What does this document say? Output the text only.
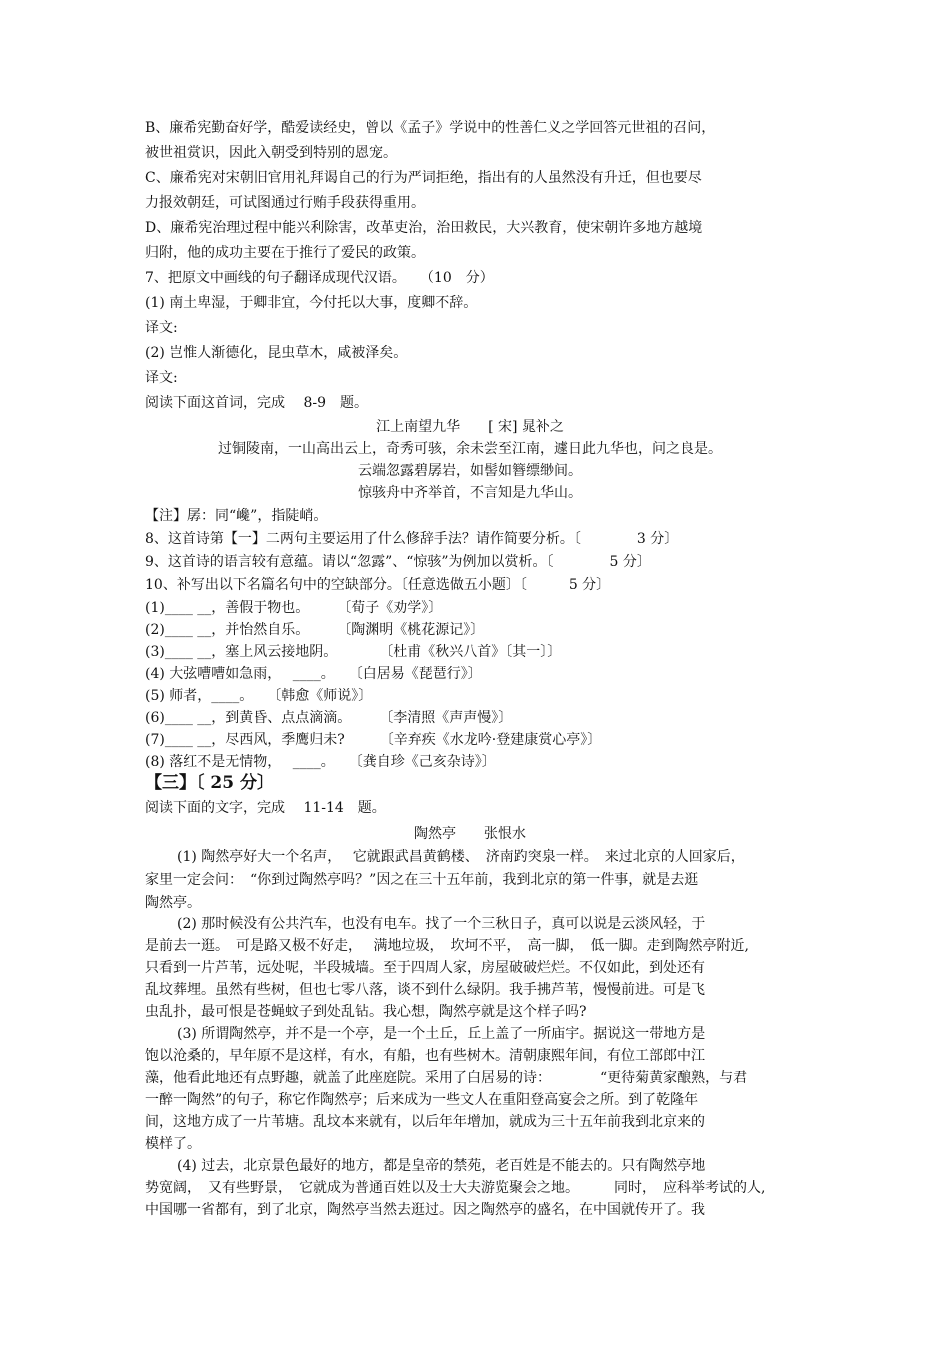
B、廉希宪勤奋好学，酷爱读经史，曾以《孟子》学说中的性善仁义之学回答元世祖的召问，
被世祖赏识，因此入朝受到特别的恩宠。
C、廉希宪对宋朝旧官用礼拜谒自己的行为严词拒绝，指出有的人虽然没有升迁，但也要尽
力报效朝廷，可试图通过行贿手段获得重用。
D、廉希宪治理过程中能兴利除害，改革吏治，治田救民，大兴教育，使宋朝许多地方越境
归附，他的成功主要在于推行了爱民的政策。
7、把原文中画线的句子翻译成现代汉语。　　（10　分）
(1) 南土卑湿，于卿非宜，今付托以大事，度卿不辞。
译文:
(2) 岂惟人渐德化，昆虫草木，咸被泽矣。
译文:
阅读下面这首词，完成　 8-9　题。
江上南望九华　　[ 宋] 晁补之
过铜陵南，一山高出云上，奇秀可骇，余未尝至江南，遽日此九华也，问之良是。
云端忽露碧孱岩，如髻如簪缥缈间。
惊骇舟中齐举首，不言知是九华山。
【注】孱：同“巉”，指陡峭。
8、这首诗第【一】二两句主要运用了什么修辞手法？请作简要分析。〔　　　　3 分〕
9、这首诗的语言较有意蕴。请以“忽露”、“惊骇”为例加以赏析。〔　　　　5 分〕
10、补写出以下名篇名句中的空缺部分。〔任意选做五小题〕〔　　　5 分〕
(1)____ __，善假于物也。　　　〔荀子《劝学》〕
(2)____ __，并怡然自乐。　　　〔陶渊明《桃花源记》〕
(3)____ __，塞上风云接地阴。　　　　〔杜甫《秋兴八首》〔其一〕〕
(4) 大弦嘈嘈如急雨，　 ____。　　〔白居易《琵琶行》〕
(5) 师者，____。　　〔韩愈《师说》〕
(6)____ __，到黄昏、点点滴滴。　　　〔李清照《声声慢》〕
(7)____ __，尽西风，季鹰归未?　　　〔辛弃疾《水龙吟·登建康赏心亭》〕
(8) 落红不是无情物，　 ____。　　〔龚自珍《己亥杂诗》〕
【三】〔 25 分〕
阅读下面的文字，完成　 11-14　题。
陶然亭　　张恨水
(1) 陶然亭好大一个名声，　 它就跟武昌黄鹤楼、　济南趵突泉一样。　来过北京的人回家后，
家里一定会问：　“你到过陶然亭吗？”因之在三十五年前，我到北京的第一件事，就是去逛
陶然亭。
(2) 那时候没有公共汽车，也没有电车。找了一个三秋日子，真可以说是云淡风轻，于
是前去一逛。　可是路又极不好走，　 满地垃圾，　坎坷不平，　高一脚，　低一脚。走到陶然亭附近,
只看到一片芦苇，远处呢，半段城墙。至于四周人家，房屋破破烂烂。不仅如此，到处还有
乱坟葬埋。虽然有些树，但也七零八落，谈不到什么绿阴。我手拂芦苇，慢慢前进。可是飞
虫乱扑，最可恨是苍蝇蚊子到处乱钻。我心想，陶然亭就是这个样子吗?
(3) 所谓陶然亭，并不是一个亭，是一个土丘，丘上盖了一所庙宇。据说这一带地方是
饱以沧桑的，早年原不是这样，有水，有船，也有些树木。清朝康熙年间，有位工部郎中江
藻，他看此地还有点野趣，就盖了此座庭院。采用了白居易的诗：　　　　“更待菊黄家酿熟，与君
一醉一陶然”的句子，称它作陶然亭；后来成为一些文人在重阳登高宴会之所。到了乾隆年
间，这地方成了一片苇塘。乱坟本来就有，以后年年增加，就成为三十五年前我到北京来的
模样了。
(4) 过去，北京景色最好的地方，都是皇帝的禁苑，老百姓是不能去的。只有陶然亭地
势宽阔，　又有些野景，　它就成为普通百姓以及士大夫游览聚会之地。　　　同时，　应科举考试的人,
中国哪一省都有，到了北京，陶然亭当然去逛过。因之陶然亭的盛名，在中国就传开了。我
